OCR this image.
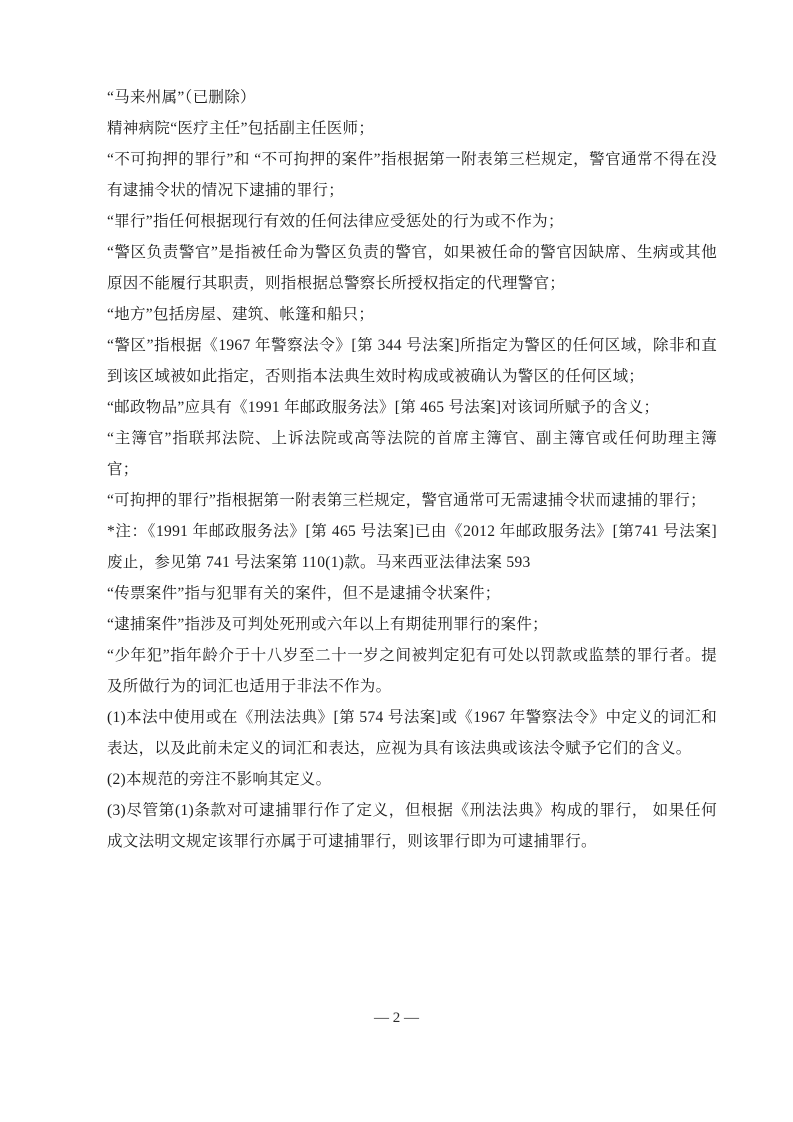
“马来州属”（已删除）

精神病院“医疗主任”包括副主任医师；

“不可拘押的罪行”和 “不可拘押的案件”指根据第一附表第三栏规定，警官通常不得在没有逮捕令状的情况下逮捕的罪行；

“罪行”指任何根据现行有效的任何法律应受惩处的行为或不作为；

“警区负责警官”是指被任命为警区负责的警官，如果被任命的警官因缺席、生病或其他原因不能履行其职责，则指根据总警察长所授权指定的代理警官；

“地方”包括房屋、建筑、帐篷和船只；

“警区”指根据《1967 年警察法令》[第 344 号法案]所指定为警区的任何区域，除非和直到该区域被如此指定，否则指本法典生效时构成或被确认为警区的任何区域；

“邮政物品”应具有《1991 年邮政服务法》[第 465 号法案]对该词所赋予的含义；

“主簿官”指联邦法院、上诉法院或高等法院的首席主簿官、副主簿官或任何助理主簿官；

“可拘押的罪行”指根据第一附表第三栏规定，警官通常可无需逮捕令状而逮捕的罪行；

*注：《1991 年邮政服务法》[第 465 号法案]已由《2012 年邮政服务法》[第741 号法案]废止，参见第 741 号法案第 110(1)款。马来西亚法律法案 593

“传票案件”指与犯罪有关的案件，但不是逮捕令状案件；

“逮捕案件”指涉及可判处死刑或六年以上有期徒刑罪行的案件；

“少年犯”指年龄介于十八岁至二十一岁之间被判定犯有可处以罚款或监禁的罪行者。提及所做行为的词汇也适用于非法不作为。

(1)本法中使用或在《刑法法典》[第 574 号法案]或《1967 年警察法令》中定义的词汇和表达，以及此前未定义的词汇和表达，应视为具有该法典或该法令赋予它们的含义。

(2)本规范的旁注不影响其定义。

(3)尽管第(1)条款对可逮捕罪行作了定义，但根据《刑法法典》构成的罪行， 如果任何成文法明文规定该罪行亦属于可逮捕罪行，则该罪行即为可逮捕罪行。

— 2 —
